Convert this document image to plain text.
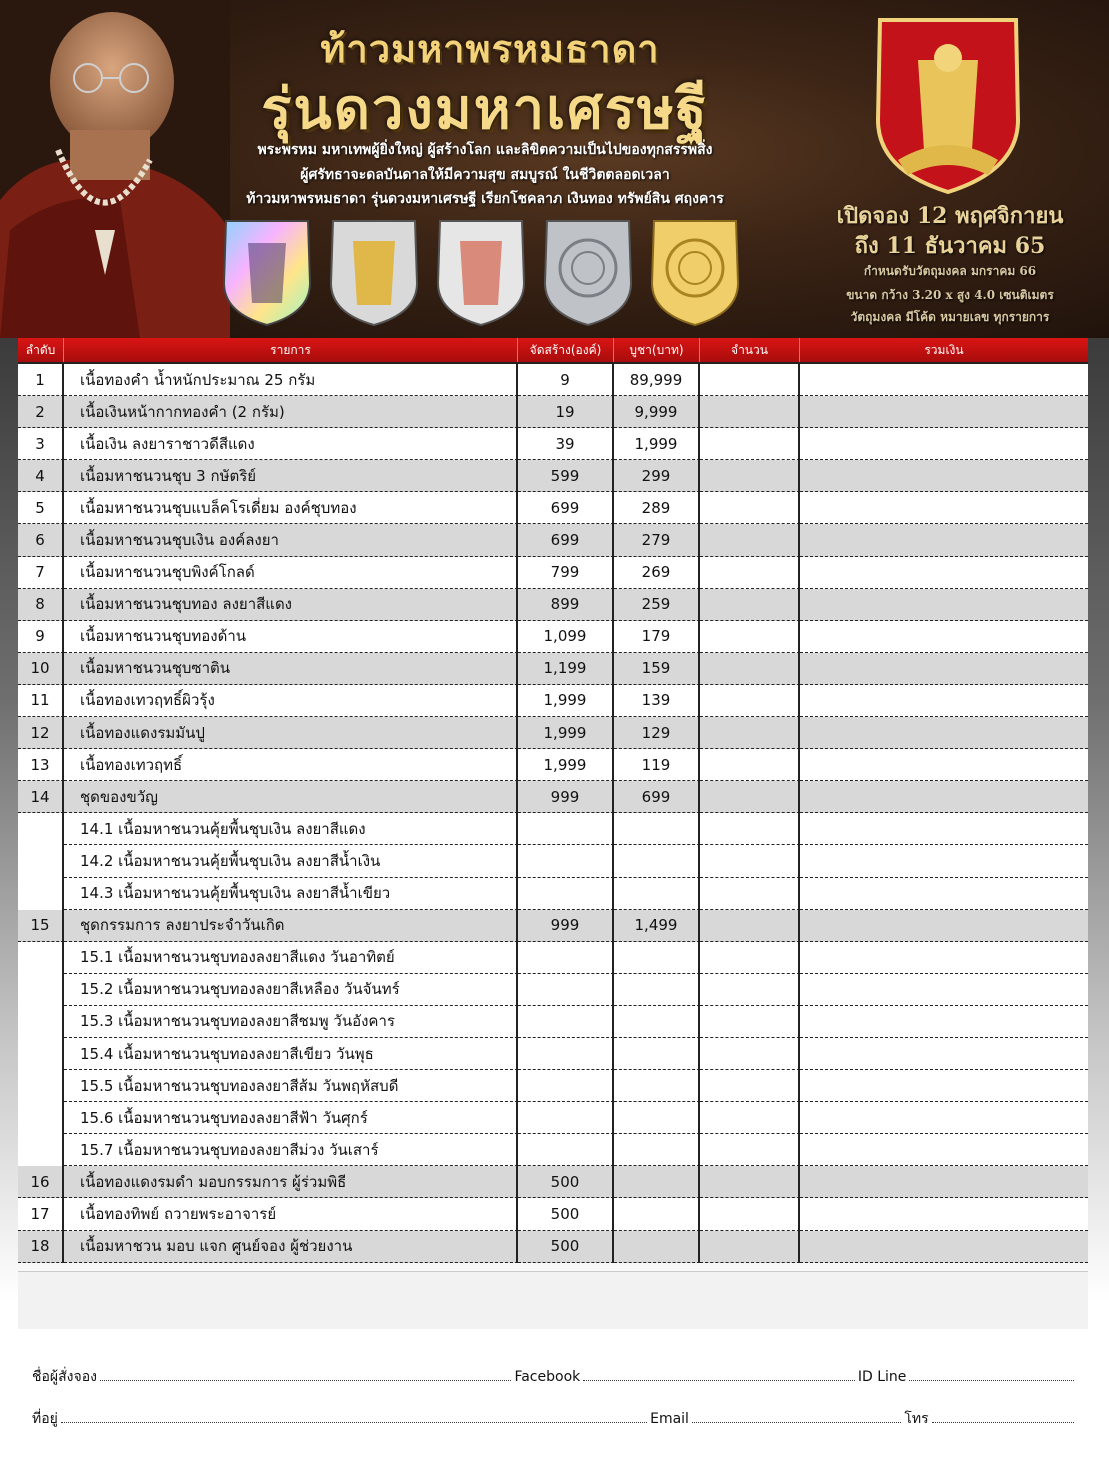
ท้าวมหาพรหมธาดา
รุ่นดวงมหาเศรษฐี
พระพรหม มหาเทพผู้ยิ่งใหญ่ ผู้สร้างโลก และลิขิตความเป็นไปของทุกสรรพสิ่ง
ผู้ศรัทธาจะดลบันดาลให้มีความสุข สมบูรณ์ ในชีวิตตลอดเวลา
ท้าวมหาพรหมธาดา รุ่นดวงมหาเศรษฐี เรียกโชคลาภ เงินทอง ทรัพย์สิน ศฤงคาร
เปิดจอง 12 พฤศจิกายน
ถึง 11 ธันวาคม 65
กำหนดรับวัตถุมงคล มกราคม 66
ขนาด กว้าง 3.20 x สูง 4.0 เซนติเมตร
วัตถุมงคล มีโค้ด หมายเลข ทุกรายการ
ลำดับ	รายการ	จัดสร้าง(องค์)	บูชา(บาท)	จำนวน	รวมเงิน
1	เนื้อทองคำ น้ำหนักประมาณ 25 กรัม	9	89,999
2	เนื้อเงินหน้ากากทองคำ (2 กรัม)	19	9,999
3	เนื้อเงิน ลงยาราชาวดีสีแดง	39	1,999
4	เนื้อมหาชนวนชุบ 3 กษัตริย์	599	299
5	เนื้อมหาชนวนชุบแบล็คโรเดี่ยม องค์ชุบทอง	699	289
6	เนื้อมหาชนวนชุบเงิน องค์ลงยา	699	279
7	เนื้อมหาชนวนชุบพิงค์โกลด์	799	269
8	เนื้อมหาชนวนชุบทอง ลงยาสีแดง	899	259
9	เนื้อมหาชนวนชุบทองด้าน	1,099	179
10	เนื้อมหาชนวนชุบซาติน	1,199	159
11	เนื้อทองเทวฤทธิ์ผิวรุ้ง	1,999	139
12	เนื้อทองแดงรมมันปู	1,999	129
13	เนื้อทองเทวฤทธิ์	1,999	119
14	ชุดของขวัญ	999	699
14.1 เนื้อมหาชนวนคุ้ยพื้นชุบเงิน ลงยาสีแดง
14.2 เนื้อมหาชนวนคุ้ยพื้นชุบเงิน ลงยาสีน้ำเงิน
14.3 เนื้อมหาชนวนคุ้ยพื้นชุบเงิน ลงยาสีน้ำเขียว
15	ชุดกรรมการ ลงยาประจำวันเกิด	999	1,499
15.1 เนื้อมหาชนวนชุบทองลงยาสีแดง วันอาทิตย์
15.2 เนื้อมหาชนวนชุบทองลงยาสีเหลือง วันจันทร์
15.3 เนื้อมหาชนวนชุบทองลงยาสีชมพู วันอังคาร
15.4 เนื้อมหาชนวนชุบทองลงยาสีเขียว วันพุธ
15.5 เนื้อมหาชนวนชุบทองลงยาสีส้ม วันพฤหัสบดี
15.6 เนื้อมหาชนวนชุบทองลงยาสีฟ้า วันศุกร์
15.7 เนื้อมหาชนวนชุบทองลงยาสีม่วง วันเสาร์
16	เนื้อทองแดงรมดำ มอบกรรมการ ผู้ร่วมพิธี	500
17	เนื้อทองทิพย์ ถวายพระอาจารย์	500
18	เนื้อมหาชวน มอบ แจก ศูนย์จอง ผู้ช่วยงาน	500
ชื่อผู้สั่งจอง	Facebook	ID Line
ที่อยู่	Email	โทร
